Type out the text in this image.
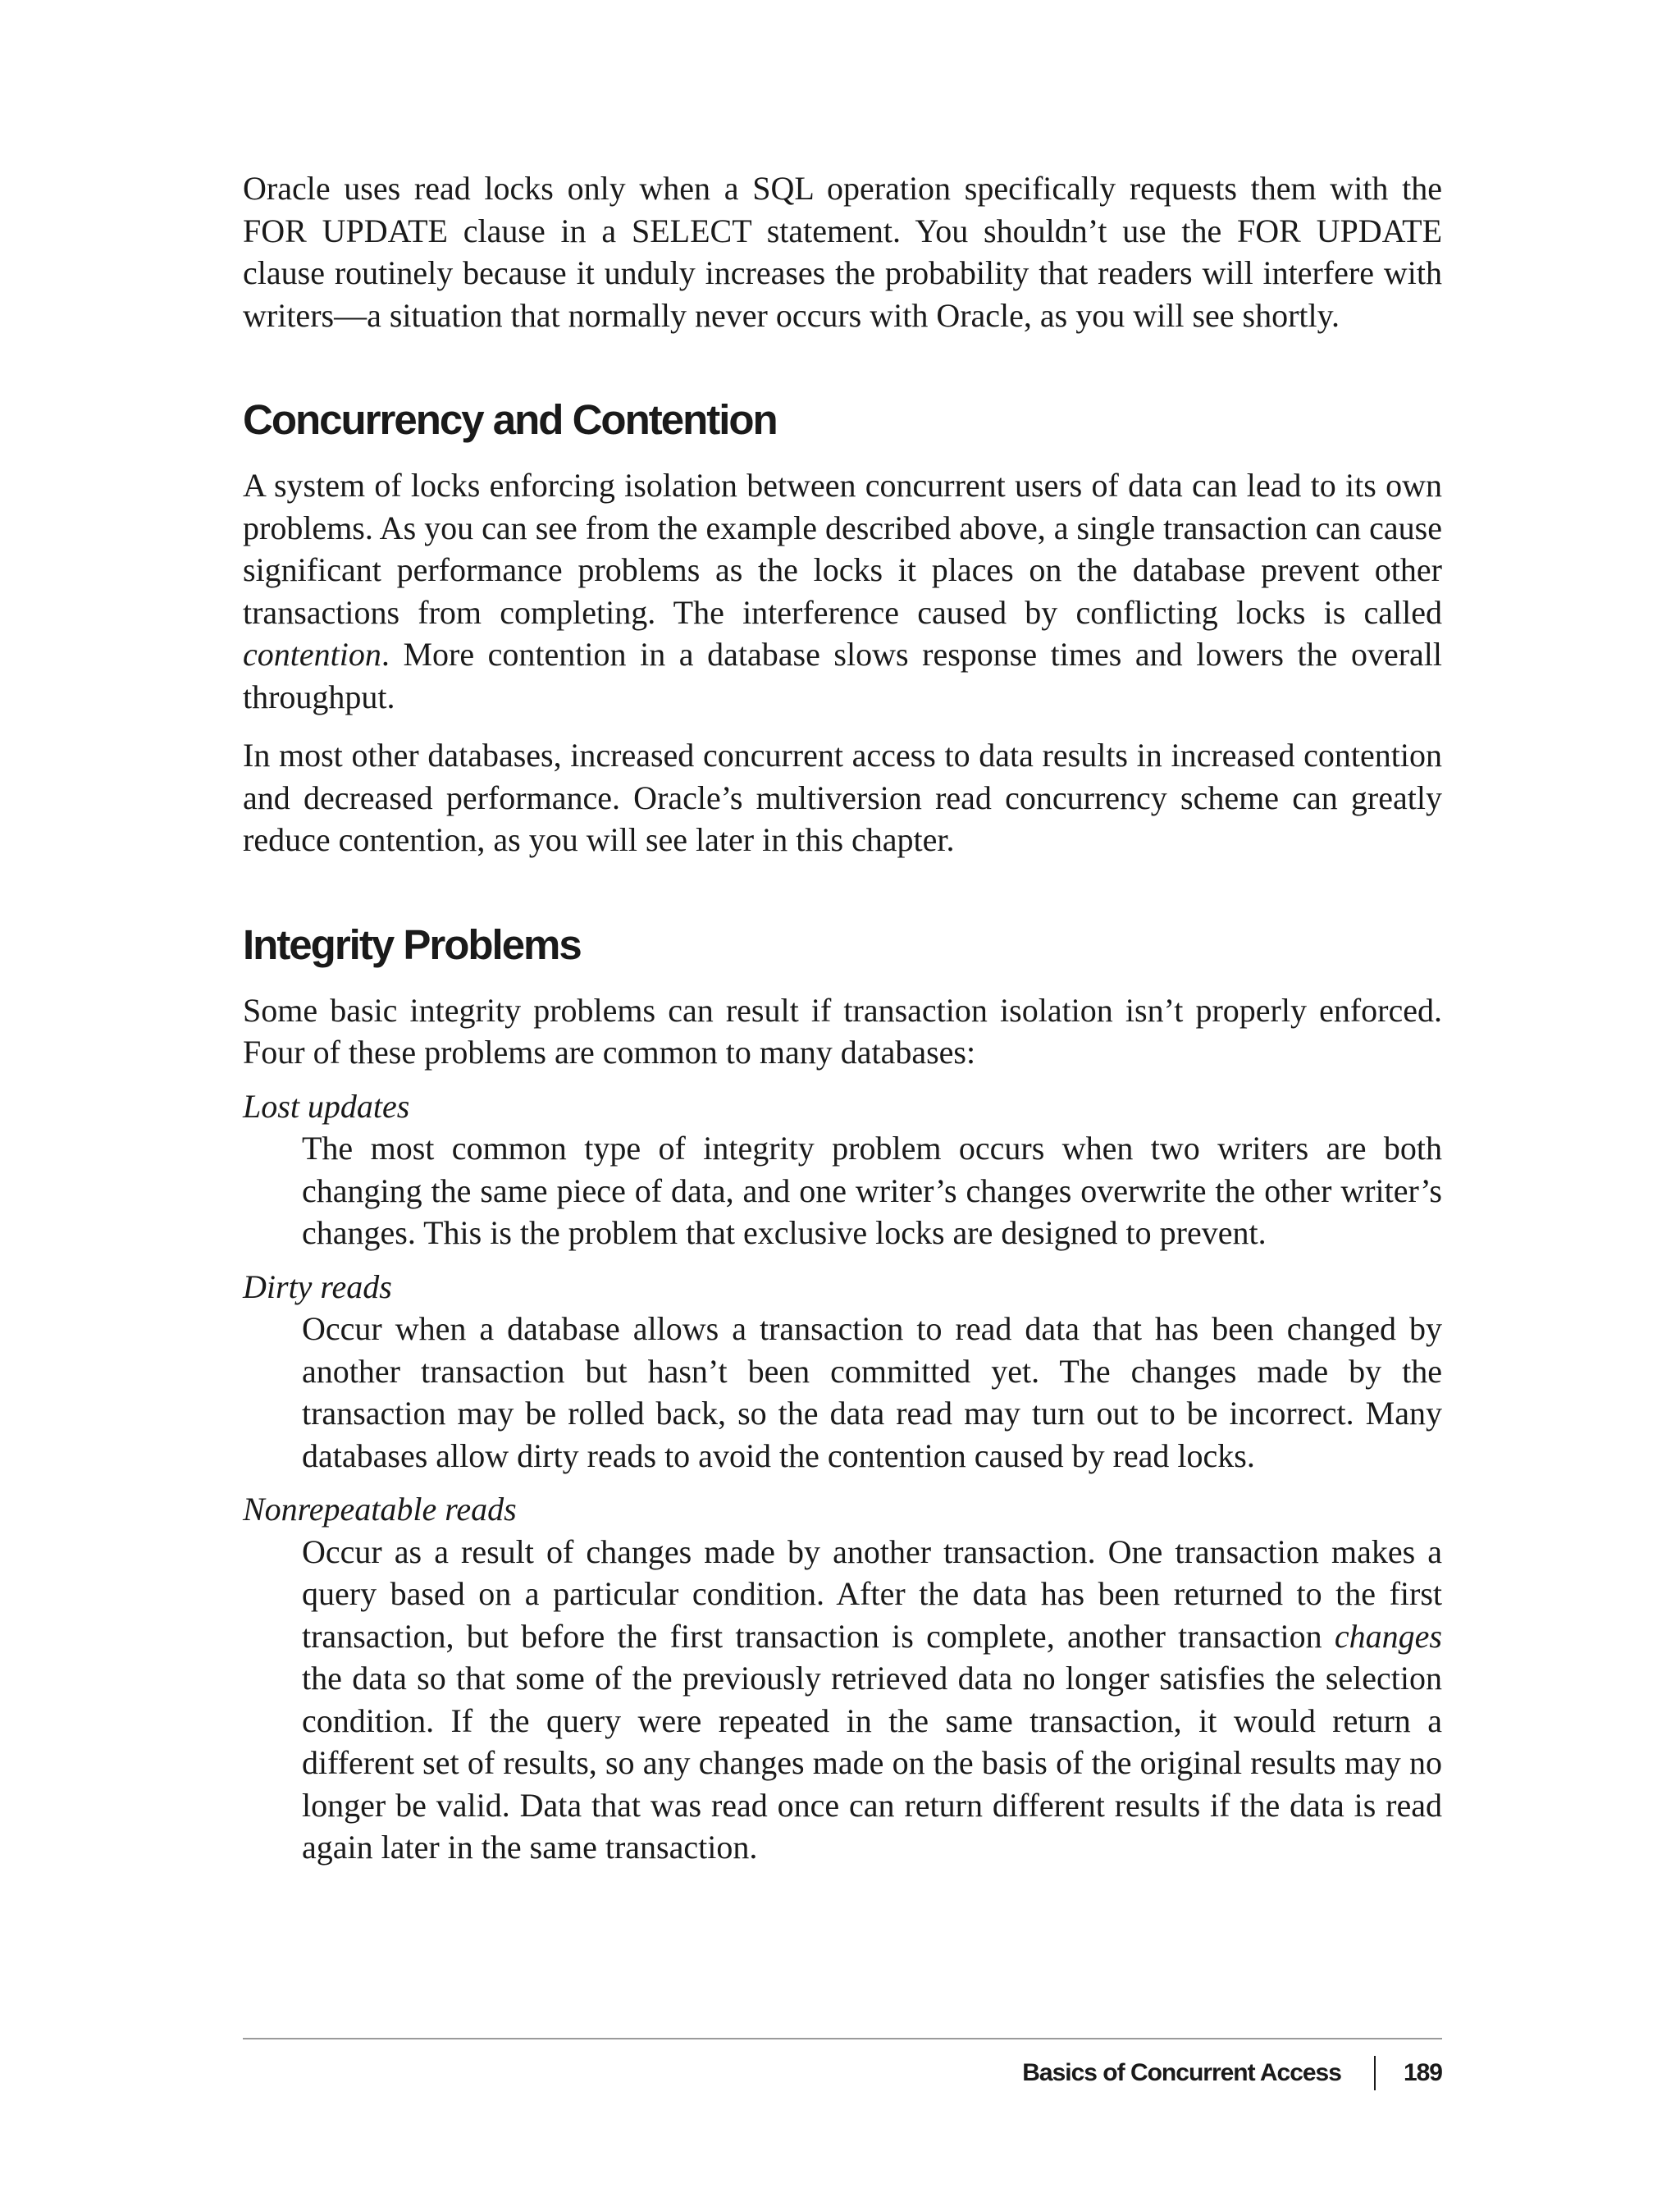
Oracle uses read locks only when a SQL operation specifically requests them with the FOR UPDATE clause in a SELECT statement. You shouldn’t use the FOR UPDATE clause routinely because it unduly increases the probability that readers will interfere with writers—a situation that normally never occurs with Oracle, as you will see shortly.

Concurrency and Contention

A system of locks enforcing isolation between concurrent users of data can lead to its own problems. As you can see from the example described above, a single transaction can cause significant performance problems as the locks it places on the database prevent other transactions from completing. The interference caused by conflicting locks is called contention. More contention in a database slows response times and lowers the overall throughput.

In most other databases, increased concurrent access to data results in increased contention and decreased performance. Oracle’s multiversion read concurrency scheme can greatly reduce contention, as you will see later in this chapter.

Integrity Problems

Some basic integrity problems can result if transaction isolation isn’t properly enforced. Four of these problems are common to many databases:

Lost updates
The most common type of integrity problem occurs when two writers are both changing the same piece of data, and one writer’s changes overwrite the other writer’s changes. This is the problem that exclusive locks are designed to prevent.
Dirty reads
Occur when a database allows a transaction to read data that has been changed by another transaction but hasn’t been committed yet. The changes made by the transaction may be rolled back, so the data read may turn out to be incorrect. Many databases allow dirty reads to avoid the contention caused by read locks.
Nonrepeatable reads
Occur as a result of changes made by another transaction. One transaction makes a query based on a particular condition. After the data has been returned to the first transaction, but before the first transaction is complete, another transaction changes the data so that some of the previously retrieved data no longer satisfies the selection condition. If the query were repeated in the same transaction, it would return a different set of results, so any changes made on the basis of the original results may no longer be valid. Data that was read once can return different results if the data is read again later in the same transaction.
Basics of Concurrent Access	189
